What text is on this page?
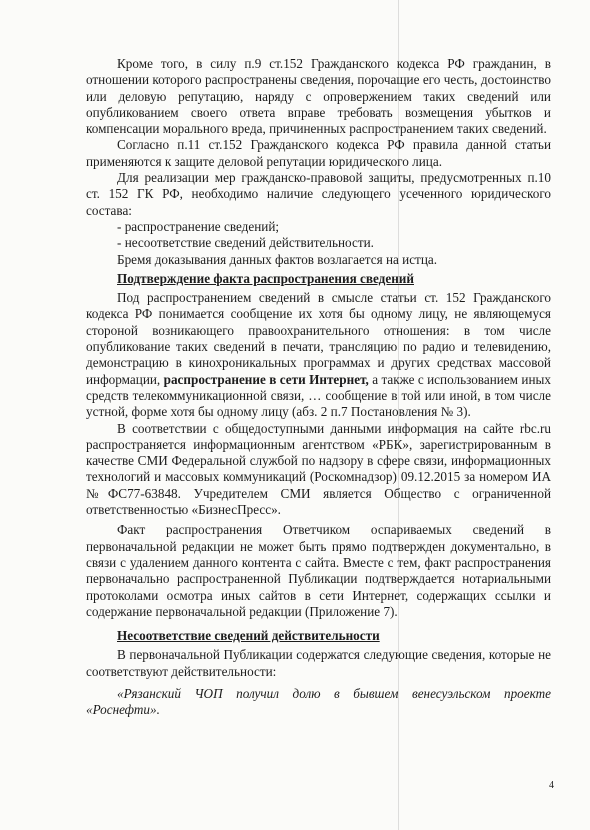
Кроме того, в силу п.9 ст.152 Гражданского кодекса РФ гражданин, в отношении которого распространены сведения, порочащие его честь, достоинство или деловую репутацию, наряду с опровержением таких сведений или опубликованием своего ответа вправе требовать возмещения убытков и компенсации морального вреда, причиненных распространением таких сведений.

Согласно п.11 ст.152 Гражданского кодекса РФ правила данной статьи применяются к защите деловой репутации юридического лица.

Для реализации мер гражданско-правовой защиты, предусмотренных п.10 ст. 152 ГК РФ, необходимо наличие следующего усеченного юридического состава:

- распространение сведений;

- несоответствие сведений действительности.

Бремя доказывания данных фактов возлагается на истца.

Подтверждение факта распространения сведений

Под распространением сведений в смысле статьи ст. 152 Гражданского кодекса РФ понимается сообщение их хотя бы одному лицу, не являющемуся стороной возникающего правоохранительного отношения: в том числе опубликование таких сведений в печати, трансляцию по радио и телевидению, демонстрацию в кинохроникальных программах и других средствах массовой информации, распространение в сети Интернет, а также с использованием иных средств телекоммуникационной связи, … сообщение в той или иной, в том числе устной, форме хотя бы одному лицу (абз. 2 п.7 Постановления № 3).

В соответствии с общедоступными данными информация на сайте rbc.ru распространяется информационным агентством «РБК», зарегистрированным в качестве СМИ Федеральной службой по надзору в сфере связи, информационных технологий и массовых коммуникаций (Роскомнадзор) 09.12.2015 за номером ИА №ФС77-63848. Учредителем СМИ является Общество с ограниченной ответственностью «БизнесПресс».

Факт распространения Ответчиком оспариваемых сведений в первоначальной редакции не может быть прямо подтвержден документально, в связи с удалением данного контента с сайта. Вместе с тем, факт распространения первоначально распространенной Публикации подтверждается нотариальными протоколами осмотра иных сайтов в сети Интернет, содержащих ссылки и содержание первоначальной редакции (Приложение 7).

Несоответствие сведений действительности

В первоначальной Публикации содержатся следующие сведения, которые не соответствуют действительности:

«Рязанский ЧОП получил долю в бывшем венесуэльском проекте «Роснефти».

4
